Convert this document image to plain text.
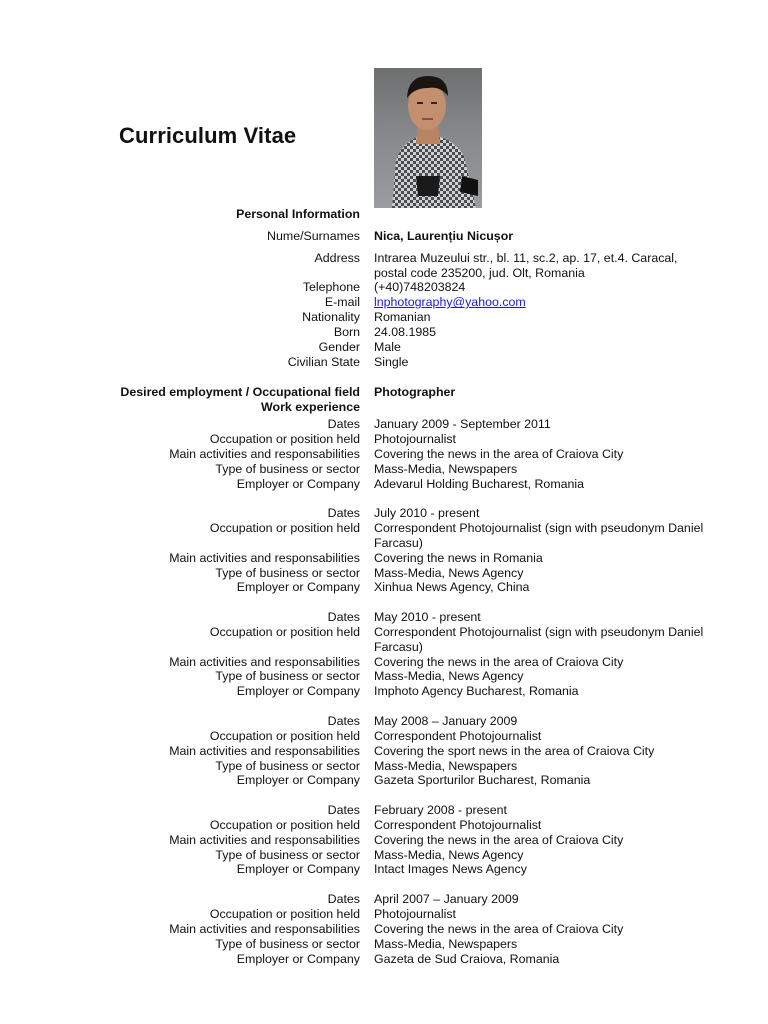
Curriculum Vitae
Personal Information
Nume/Surnames Nica, Laurențiu Nicușor
Address Intrarea Muzeului str., bl. 11, sc.2, ap. 17, et.4. Caracal, postal code 235200, jud. Olt, Romania
Telephone (+40)748203824
E-mail lnphotography@yahoo.com
Nationality Romanian
Born 24.08.1985
Gender Male
Civilian State Single
Desired employment / Occupational field Photographer
Work experience
Dates January 2009 - September 2011
Occupation or position held Photojournalist
Main activities and responsabilities Covering the news in the area of Craiova City
Type of business or sector Mass-Media, Newspapers
Employer or Company Adevarul Holding Bucharest, Romania
Dates July 2010 - present
Occupation or position held Correspondent Photojournalist (sign with pseudonym Daniel Farcasu)
Main activities and responsabilities Covering the news in Romania
Type of business or sector Mass-Media, News Agency
Employer or Company Xinhua News Agency, China
Dates May 2010 - present
Occupation or position held Correspondent Photojournalist (sign with pseudonym Daniel Farcasu)
Main activities and responsabilities Covering the news in the area of Craiova City
Type of business or sector Mass-Media, News Agency
Employer or Company Imphoto Agency Bucharest, Romania
Dates May 2008 – January 2009
Occupation or position held Correspondent Photojournalist
Main activities and responsabilities Covering the sport news in the area of Craiova City
Type of business or sector Mass-Media, Newspapers
Employer or Company Gazeta Sporturilor Bucharest, Romania
Dates February 2008 - present
Occupation or position held Correspondent Photojournalist
Main activities and responsabilities Covering the news in the area of Craiova City
Type of business or sector Mass-Media, News Agency
Employer or Company Intact Images News Agency
Dates April 2007 – January 2009
Occupation or position held Photojournalist
Main activities and responsabilities Covering the news in the area of Craiova City
Type of business or sector Mass-Media, Newspapers
Employer or Company Gazeta de Sud Craiova, Romania
